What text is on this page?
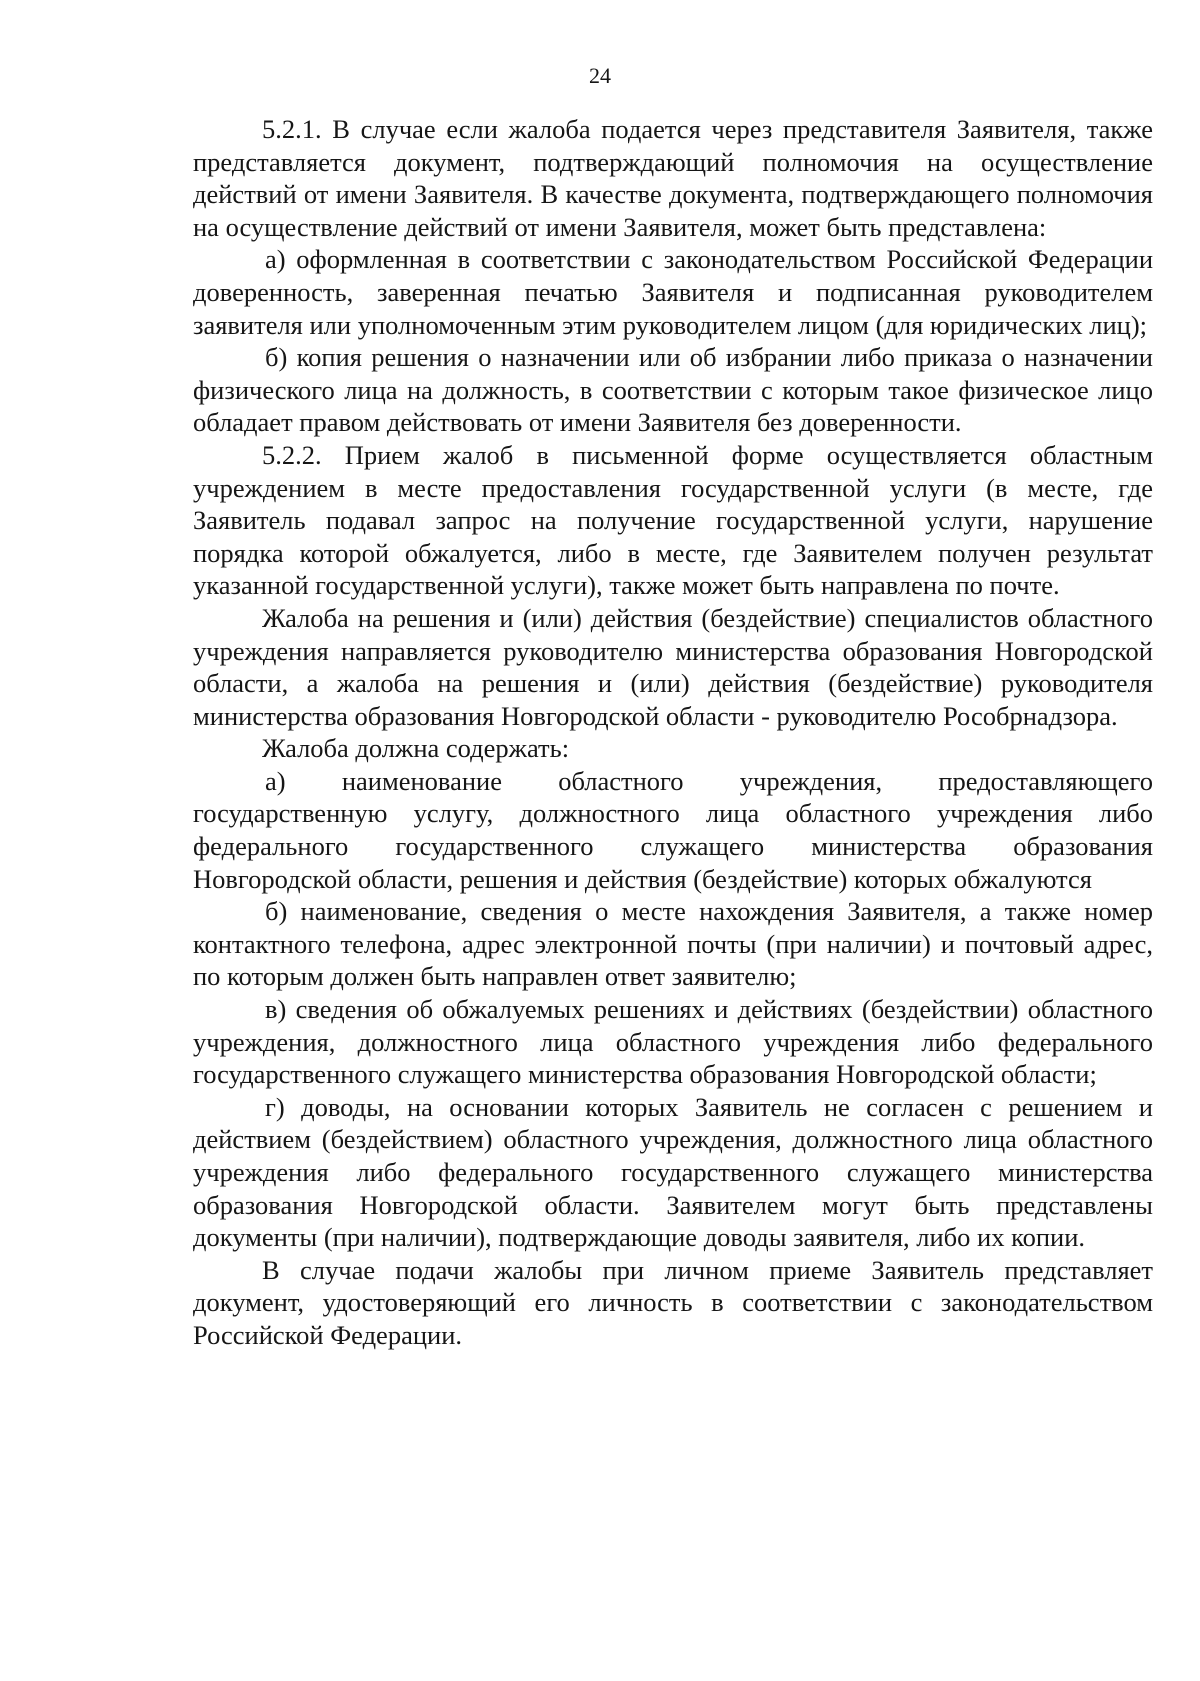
24

5.2.1. В случае если жалоба подается через представителя Заявителя, также представляется документ, подтверждающий полномочия на осуществление действий от имени Заявителя. В качестве документа, подтверждающего полномочия на осуществление действий от имени Заявителя, может быть представлена:

а) оформленная в соответствии с законодательством Российской Федерации доверенность, заверенная печатью Заявителя и подписанная руководителем заявителя или уполномоченным этим руководителем лицом (для юридических лиц);

б) копия решения о назначении или об избрании либо приказа о назначении физического лица на должность, в соответствии с которым такое физическое лицо обладает правом действовать от имени Заявителя без доверенности.

5.2.2. Прием жалоб в письменной форме осуществляется областным учреждением в месте предоставления государственной услуги (в месте, где Заявитель подавал запрос на получение государственной услуги, нарушение порядка которой обжалуется, либо в месте, где Заявителем получен результат указанной государственной услуги), также может быть направлена по почте.

Жалоба на решения и (или) действия (бездействие) специалистов областного учреждения направляется руководителю министерства образования Новгородской области, а жалоба на решения и (или) действия (бездействие) руководителя министерства образования Новгородской области - руководителю Рособрнадзора.

Жалоба должна содержать:

а) наименование областного учреждения, предоставляющего государственную услугу, должностного лица областного учреждения либо федерального государственного служащего министерства образования Новгородской области, решения и действия (бездействие) которых обжалуются

б) наименование, сведения о месте нахождения Заявителя, а также номер контактного телефона, адрес электронной почты (при наличии) и почтовый адрес, по которым должен быть направлен ответ заявителю;

в) сведения об обжалуемых решениях и действиях (бездействии) областного учреждения, должностного лица областного учреждения либо федерального государственного служащего министерства образования Новгородской области;

г) доводы, на основании которых Заявитель не согласен с решением и действием (бездействием) областного учреждения, должностного лица областного учреждения либо федерального государственного служащего министерства образования Новгородской области. Заявителем могут быть представлены документы (при наличии), подтверждающие доводы заявителя, либо их копии.

В случае подачи жалобы при личном приеме Заявитель представляет документ, удостоверяющий его личность в соответствии с законодательством Российской Федерации.
